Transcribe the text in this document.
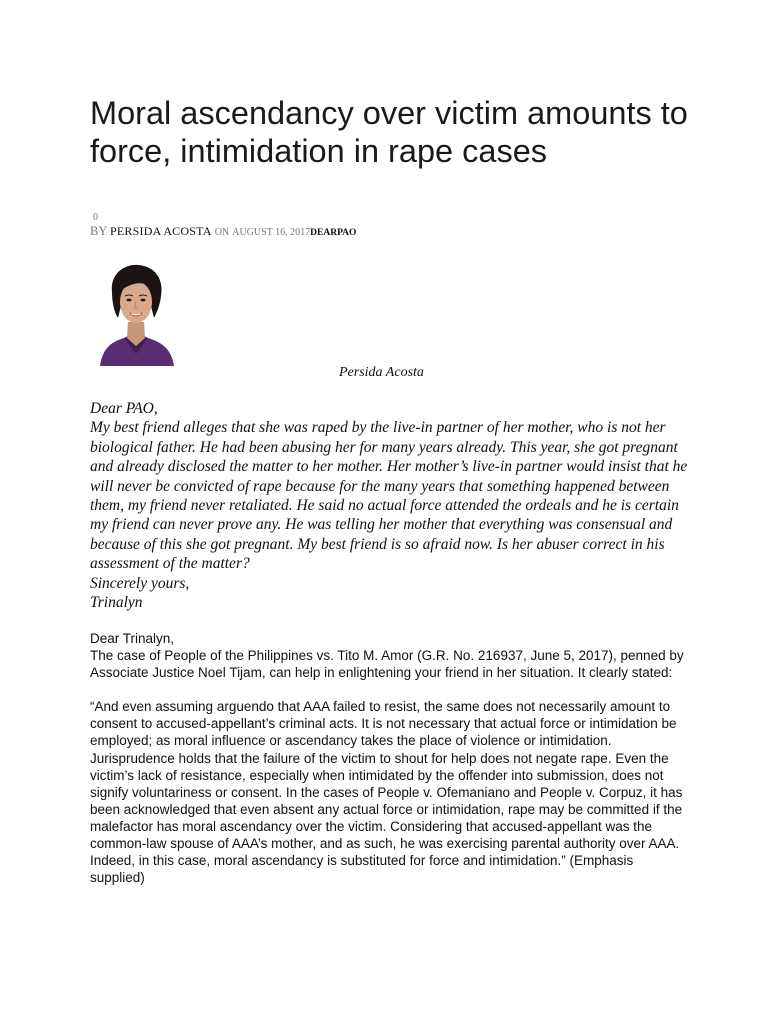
Moral ascendancy over victim amounts to force, intimidation in rape cases
0
BY PERSIDA ACOSTA ON AUGUST 16, 2017DEARPAO
Persida Acosta

Dear PAO,

My best friend alleges that she was raped by the live-in partner of her mother, who is not her biological father. He had been abusing her for many years already. This year, she got pregnant and already disclosed the matter to her mother. Her mother’s live-in partner would insist that he will never be convicted of rape because for the many years that something happened between them, my friend never retaliated. He said no actual force attended the ordeals and he is certain my friend can never prove any. He was telling her mother that everything was consensual and because of this she got pregnant. My best friend is so afraid now. Is her abuser correct in his assessment of the matter?

Sincerely yours,

Trinalyn

Dear Trinalyn,

The case of People of the Philippines vs. Tito M. Amor (G.R. No. 216937, June 5, 2017), penned by Associate Justice Noel Tijam, can help in enlightening your friend in her situation. It clearly stated:

“And even assuming arguendo that AAA failed to resist, the same does not necessarily amount to consent to accused-appellant’s criminal acts. It is not necessary that actual force or intimidation be employed; as moral influence or ascendancy takes the place of violence or intimidation. Jurisprudence holds that the failure of the victim to shout for help does not negate rape. Even the victim’s lack of resistance, especially when intimidated by the offender into submission, does not signify voluntariness or consent. In the cases of People v. Ofemaniano and People v. Corpuz, it has been acknowledged that even absent any actual force or intimidation, rape may be committed if the malefactor has moral ascendancy over the victim. Considering that accused-appellant was the common-law spouse of AAA’s mother, and as such, he was exercising parental authority over AAA. Indeed, in this case, moral ascendancy is substituted for force and intimidation.” (Emphasis supplied)
